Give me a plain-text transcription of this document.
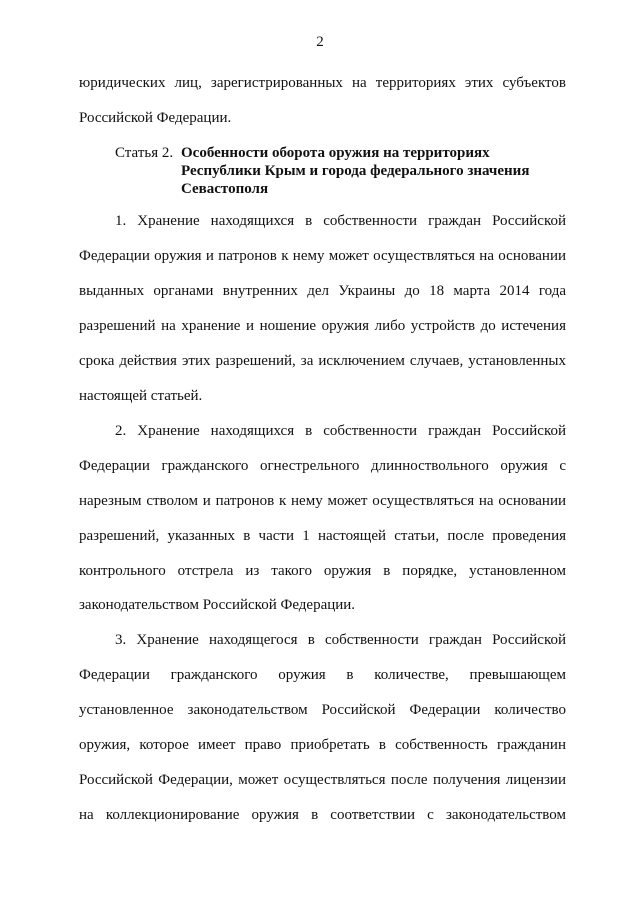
2
юридических лиц, зарегистрированных на территориях этих субъектов
Российской Федерации.
Статья 2. Особенности оборота оружия на территориях
Республики Крым и города федерального значения
Севастополя
1. Хранение находящихся в собственности граждан Российской
Федерации оружия и патронов к нему может осуществляться на основании
выданных органами внутренних дел Украины до 18 марта 2014 года
разрешений на хранение и ношение оружия либо устройств до истечения
срока действия этих разрешений, за исключением случаев, установленных
настоящей статьей.
2. Хранение находящихся в собственности граждан Российской
Федерации гражданского огнестрельного длинноствольного оружия с
нарезным стволом и патронов к нему может осуществляться на основании
разрешений, указанных в части 1 настоящей статьи, после проведения
контрольного отстрела из такого оружия в порядке, установленном
законодательством Российской Федерации.
3. Хранение находящегося в собственности граждан Российской
Федерации гражданского оружия в количестве, превышающем
установленное законодательством Российской Федерации количество
оружия, которое имеет право приобретать в собственность гражданин
Российской Федерации, может осуществляться после получения лицензии
на коллекционирование оружия в соответствии с законодательством
